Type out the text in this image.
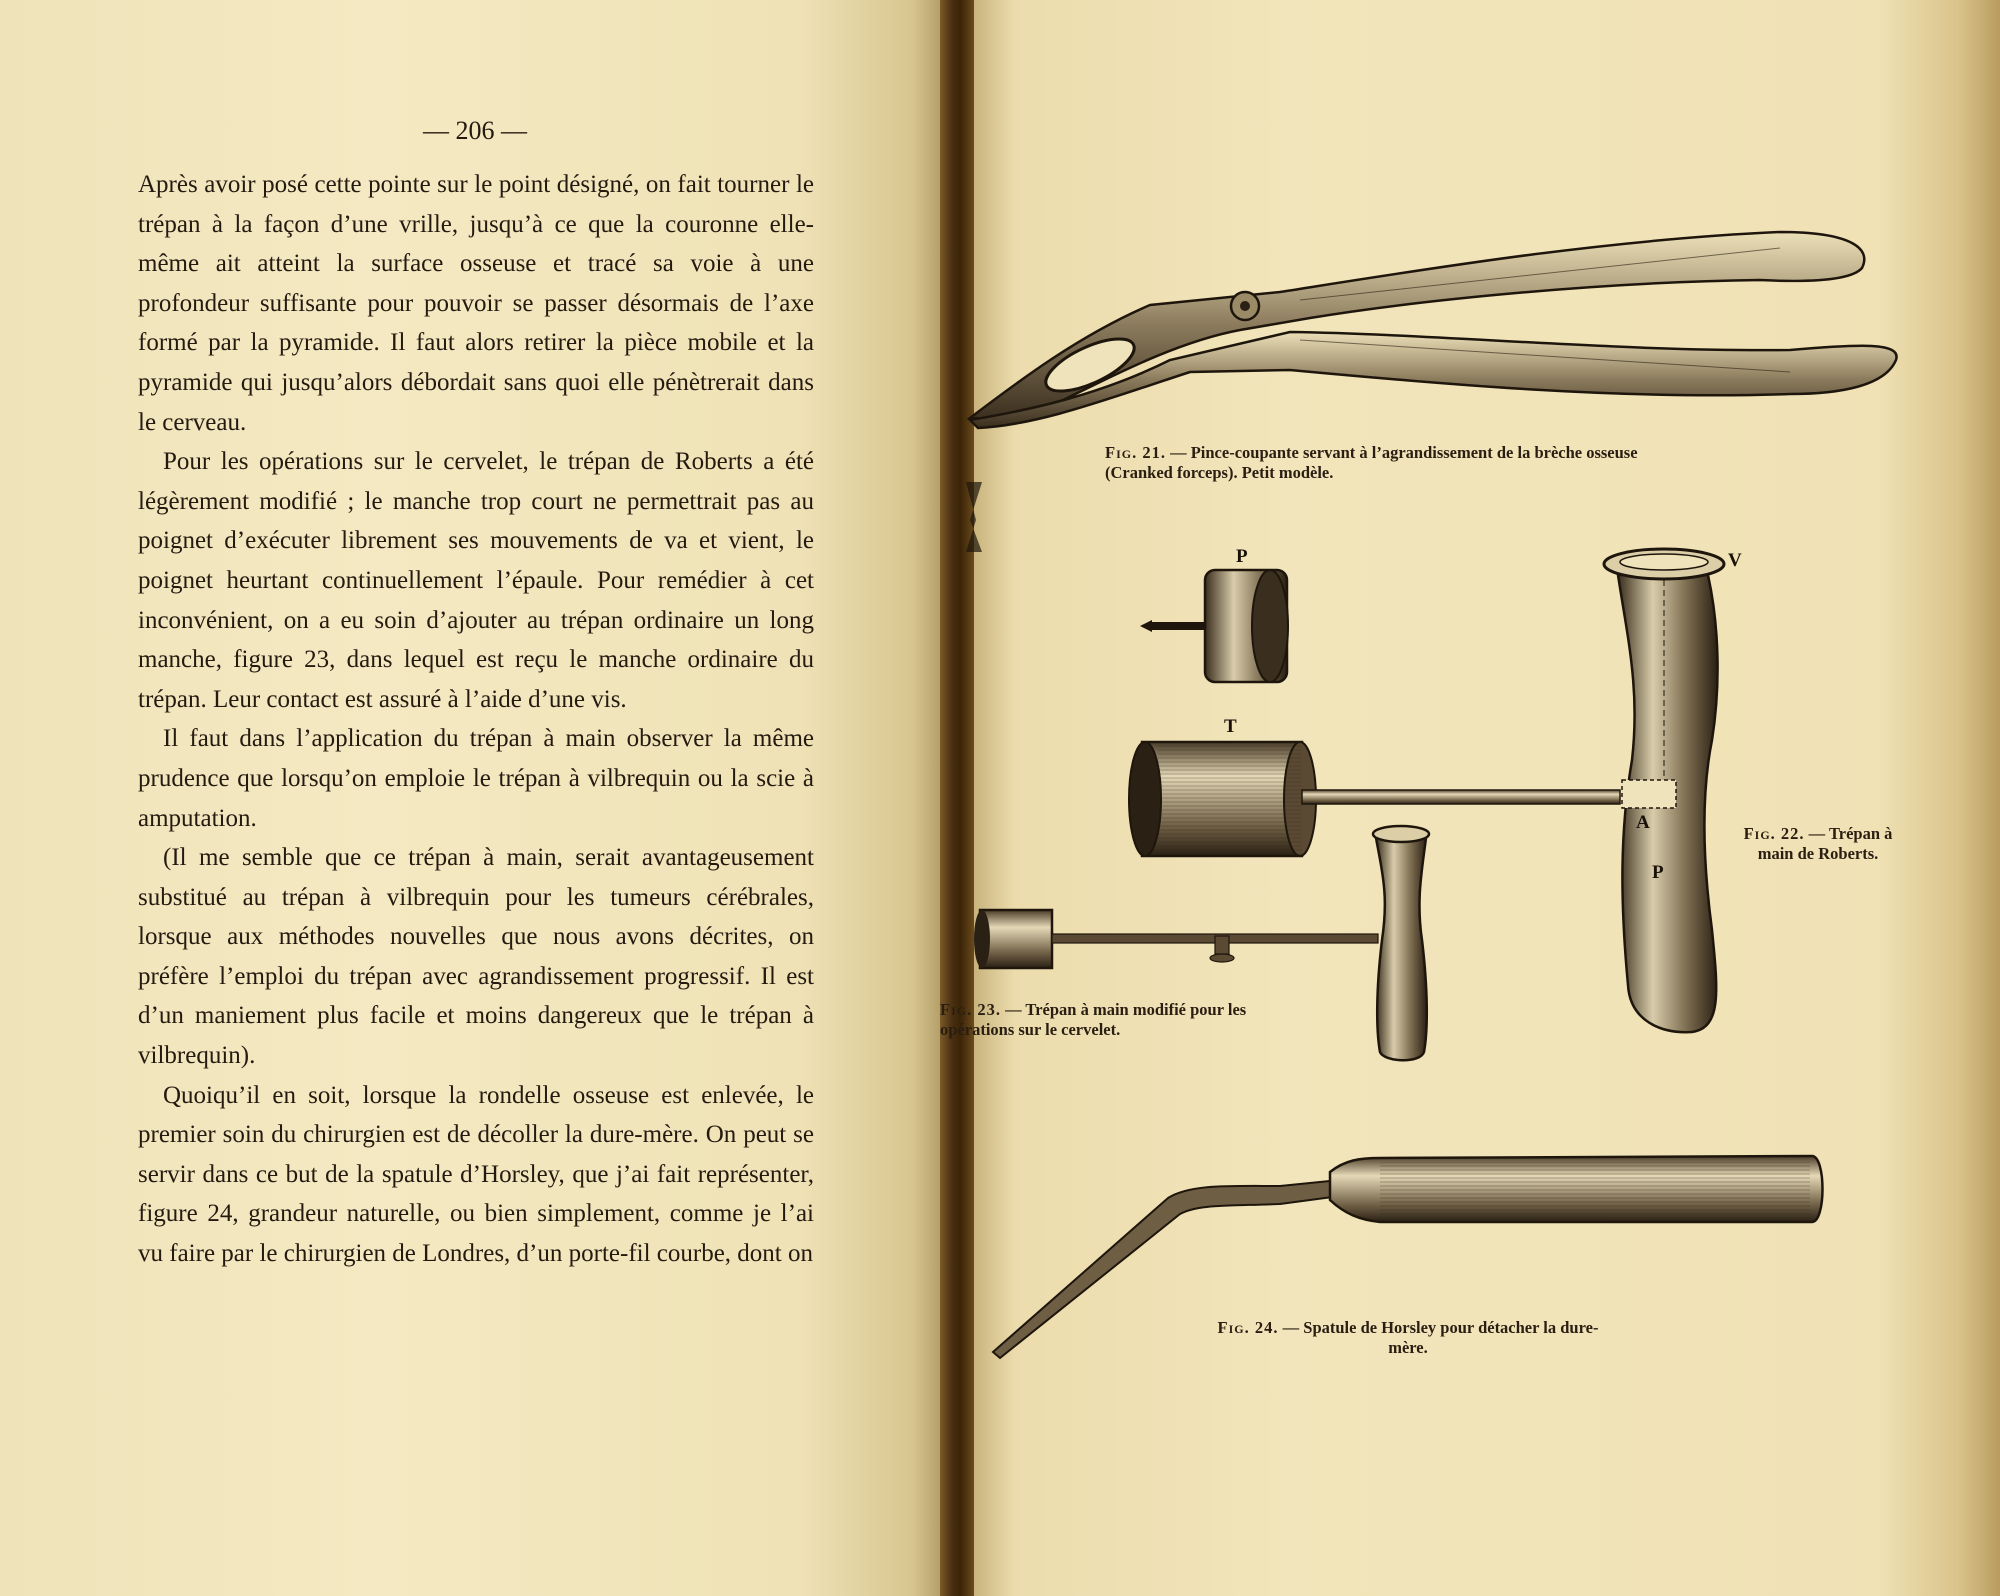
— 206 —

Après avoir posé cette pointe sur le point désigné, on fait tourner le trépan à la façon d’une vrille, jusqu’à ce que la couronne elle-même ait atteint la surface osseuse et tracé sa voie à une profondeur suffisante pour pouvoir se passer désormais de l’axe formé par la pyramide. Il faut alors retirer la pièce mobile et la pyramide qui jusqu’alors débordait sans quoi elle pénètrerait dans le cerveau.

Pour les opérations sur le cervelet, le trépan de Roberts a été légèrement modifié ; le manche trop court ne permettrait pas au poignet d’exécuter librement ses mouvements de va et vient, le poignet heurtant continuellement l’épaule. Pour remédier à cet inconvénient, on a eu soin d’ajouter au trépan ordinaire un long manche, figure 23, dans lequel est reçu le manche ordinaire du trépan. Leur contact est assuré à l’aide d’une vis.

Il faut dans l’application du trépan à main observer la même prudence que lorsqu’on emploie le trépan à vilbrequin ou la scie à amputation.

(Il me semble que ce trépan à main, serait avantageusement substitué au trépan à vilbrequin pour les tumeurs cérébrales, lorsque aux méthodes nouvelles que nous avons décrites, on préfère l’emploi du trépan avec agrandissement progressif. Il est d’un maniement plus facile et moins dangereux que le trépan à vilbrequin).

Quoiqu’il en soit, lorsque la rondelle osseuse est enlevée, le premier soin du chirurgien est de décoller la dure-mère. On peut se servir dans ce but de la spatule d’Horsley, que j’ai fait représenter, figure 24, grandeur naturelle, ou bien simplement, comme je l’ai vu faire par le chirurgien de Londres, d’un porte-fil courbe, dont on

P
T
V
A
P
Fig. 21. — Pince-coupante servant à l’agrandissement de la brèche osseuse (Cranked forceps). Petit modèle.
Fig. 22. — Trépan à main de Roberts.
Fig. 23. — Trépan à main modifié pour les opérations sur le cervelet.
Fig. 24. — Spatule de Horsley pour détacher la dure-mère.
